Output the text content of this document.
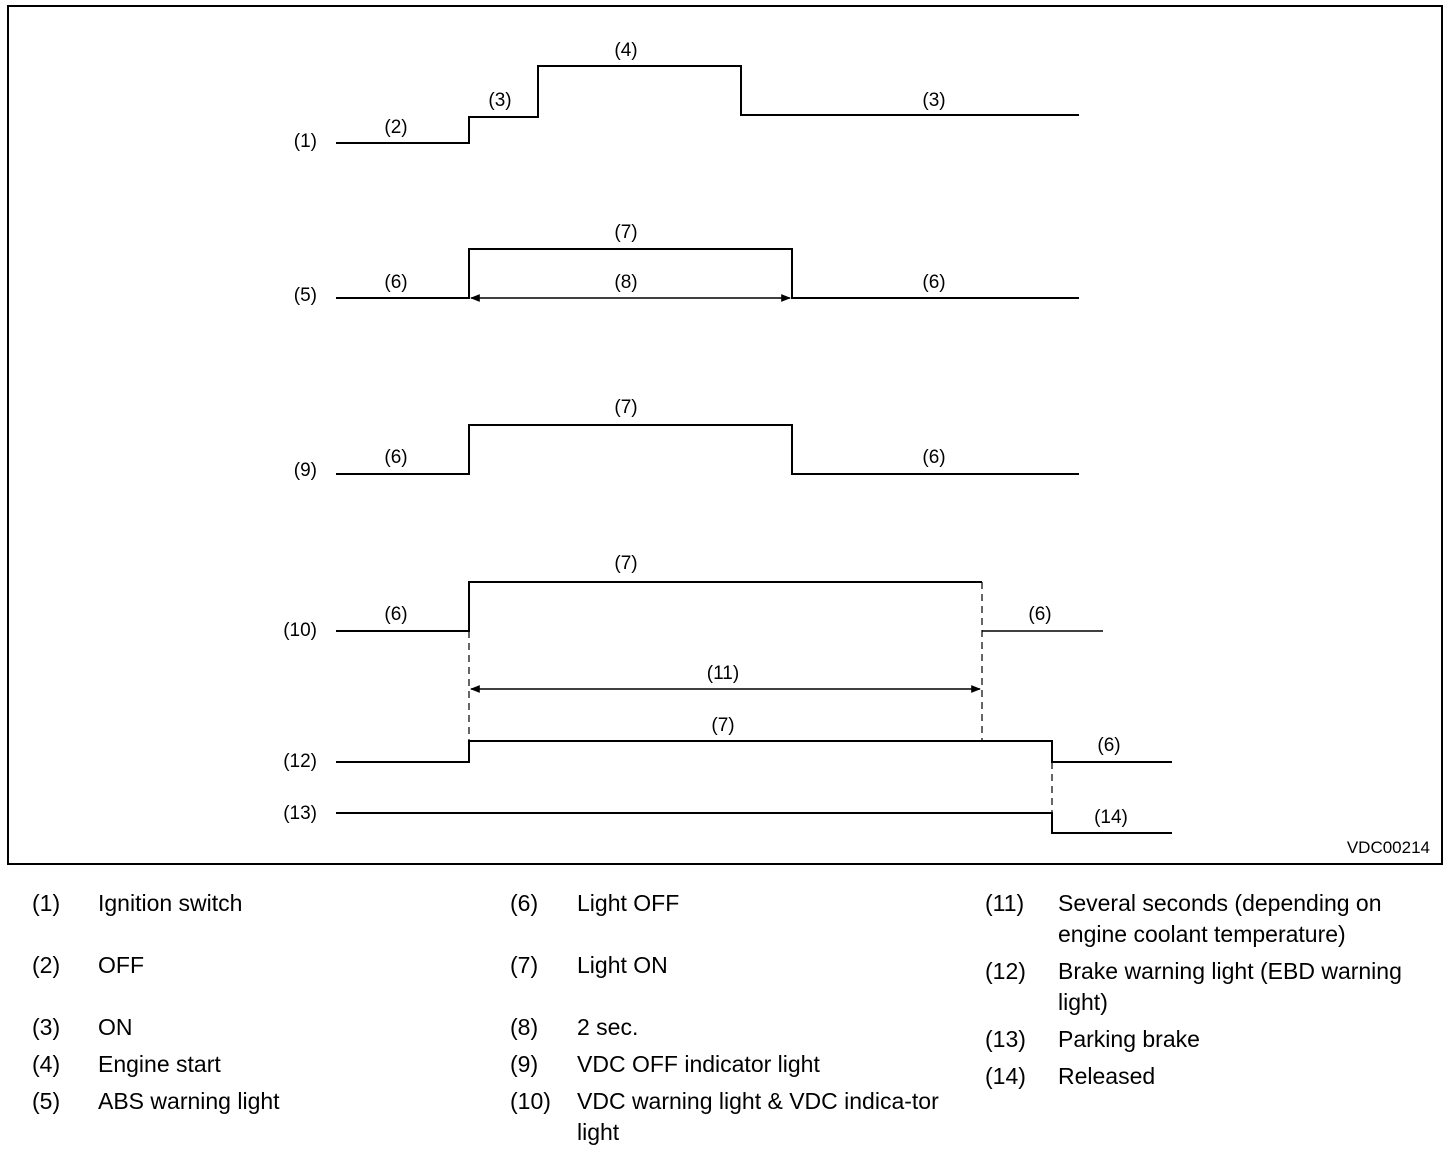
(1)
(2)
(3)
(4)
(3)
(5)
(6)
(7)
(8)	(6)
(9)
(6)
(7)
(6)
(10)
(6)
(7)
(6)
(12)
(11)
(7)
(6)
(13)	(14)
VDC00214
(1)	Ignition switch
(2)	OFF
(3)	ON
(4)	Engine start
(5)	ABS warning light
(6)	Light OFF
(7)	Light ON
(8)	2 sec.
(9)	VDC OFF indicator light
(10)	VDC warning light & VDC indica-tor light
(11)	Several seconds (depending on engine coolant temperature)
(12)	Brake warning light (EBD warning light)
(13)	Parking brake
(14)	Released
